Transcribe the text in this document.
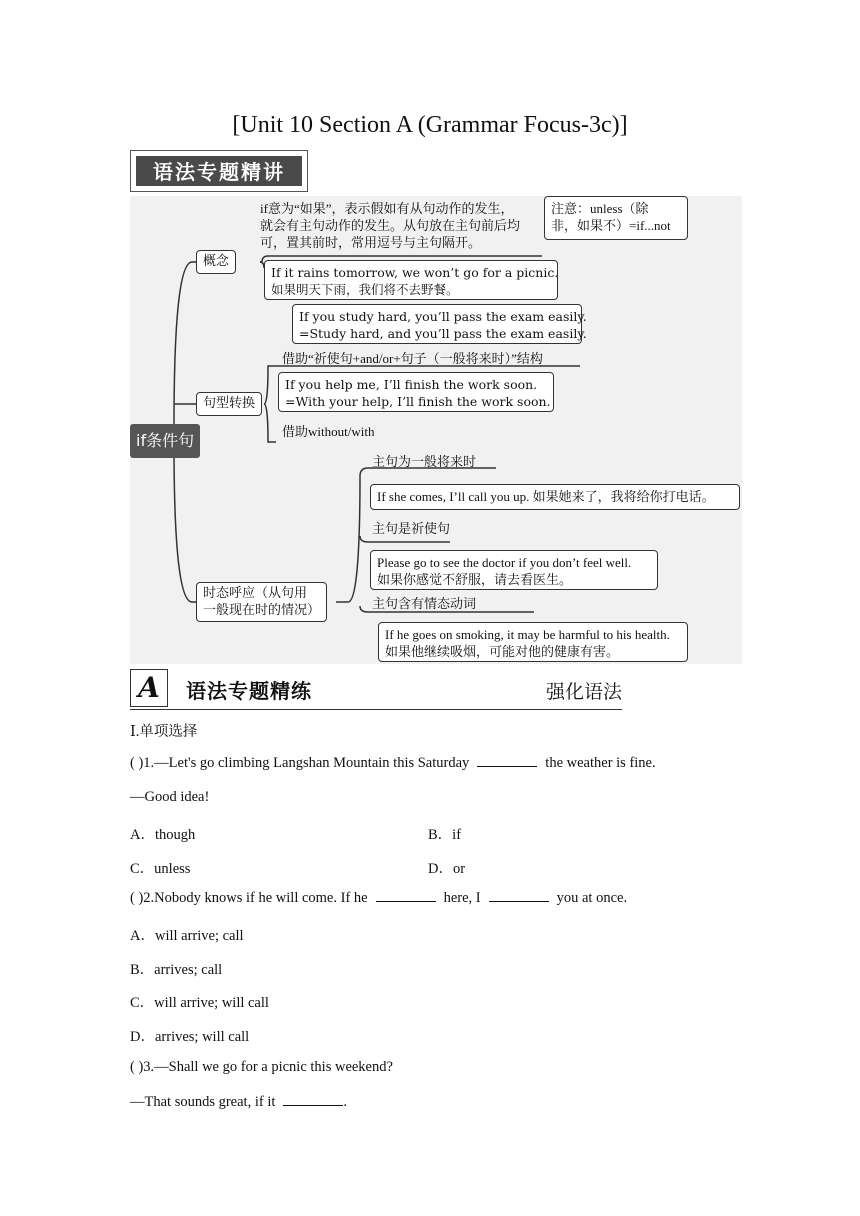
[Unit 10 Section A (Grammar Focus-3c)]
语法专题精讲
if条件句
概念
if意为“如果”，表示假如有从句动作的发生，
就会有主句动作的发生。从句放在主句前后均
可，置其前时，常用逗号与主句隔开。
注意：unless（除
非，如果不）=if...not
If it rains tomorrow, we won’t go for a picnic.
如果明天下雨，我们将不去野餐。
句型转换
If you study hard, you’ll pass the exam easily.
=Study hard, and you’ll pass the exam easily.
借助“祈使句+and/or+句子（一般将来时）”结构
If you help me, I’ll finish the work soon.
=With your help, I’ll finish the work soon.
借助without/with
时态呼应（从句用
一般现在时的情况）
主句为一般将来时
If she comes, I’ll call you up. 如果她来了，我将给你打电话。
主句是祈使句
Please go to see the doctor if you don’t feel well.
如果你感觉不舒服，请去看医生。
主句含有情态动词
If he goes on smoking, it may be harmful to his health.
如果他继续吸烟，可能对他的健康有害。
A	语法专题精练	强化语法
Ⅰ.单项选择
( )1.—Let's go climbing Langshan Mountain this Saturday	the weather is fine.
—Good idea!
A．though	B．if
C．unless	D．or
( )2.Nobody knows if he will come. If he	here, I	you at once.
A．will arrive; call
B．arrives; call
C．will arrive; will call
D．arrives; will call
( )3.—Shall we go for a picnic this weekend?
—That sounds great, if it	.
